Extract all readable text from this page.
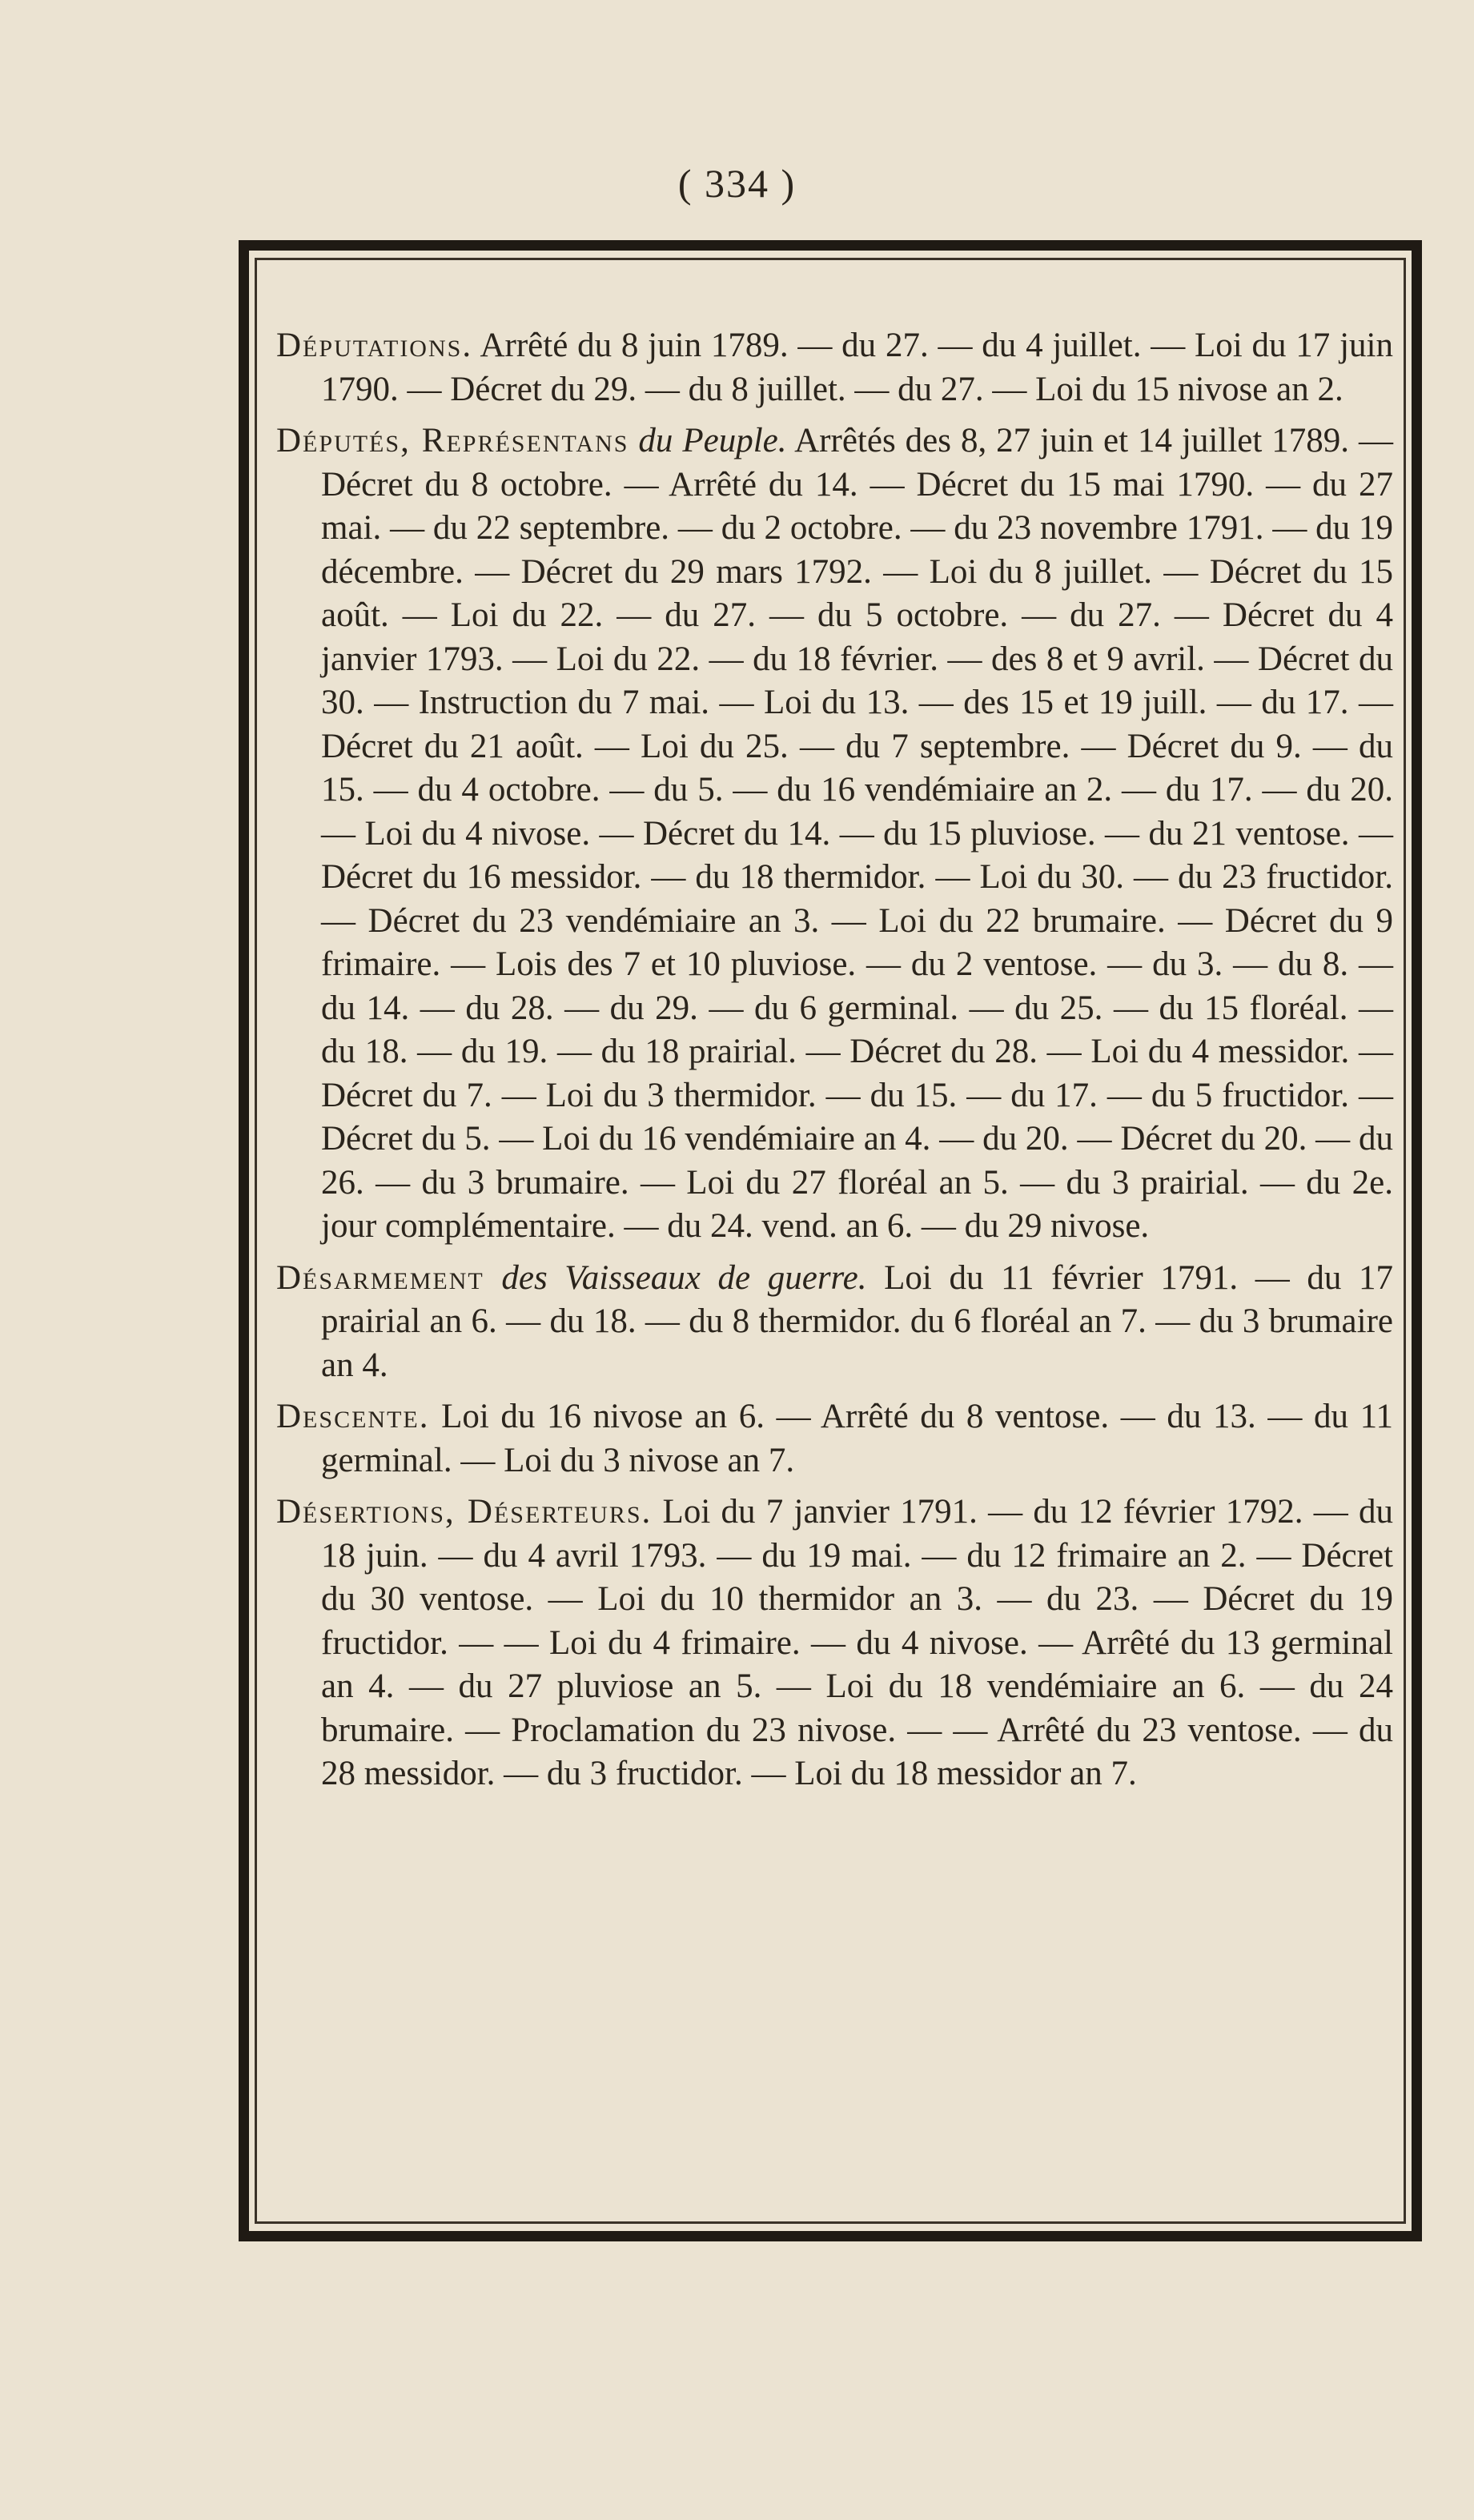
( 334 )

Députations. Arrêté du 8 juin 1789. — du 27. — du 4 juillet. — Loi du 17 juin 1790. — Décret du 29. — du 8 juillet. — du 27. — Loi du 15 nivose an 2.

Députés, Représentans du Peuple. Arrêtés des 8, 27 juin et 14 juillet 1789. — Décret du 8 octobre. — Arrêté du 14. — Décret du 15 mai 1790. — du 27 mai. — du 22 septembre. — du 2 octobre. — du 23 novembre 1791. — du 19 décembre. — Décret du 29 mars 1792. — Loi du 8 juillet. — Décret du 15 août. — Loi du 22. — du 27. — du 5 octobre. — du 27. — Décret du 4 janvier 1793. — Loi du 22. — du 18 février. — des 8 et 9 avril. — Décret du 30. — Instruction du 7 mai. — Loi du 13. — des 15 et 19 juill. — du 17. — Décret du 21 août. — Loi du 25. — du 7 septembre. — Décret du 9. — du 15. — du 4 octobre. — du 5. — du 16 vendémiaire an 2. — du 17. — du 20. — Loi du 4 nivose. — Décret du 14. — du 15 pluviose. — du 21 ventose. — Décret du 16 messidor. — du 18 thermidor. — Loi du 30. — du 23 fructidor. — Décret du 23 vendémiaire an 3. — Loi du 22 brumaire. — Décret du 9 frimaire. — Lois des 7 et 10 pluviose. — du 2 ventose. — du 3. — du 8. — du 14. — du 28. — du 29. — du 6 germinal. — du 25. — du 15 floréal. — du 18. — du 19. — du 18 prairial. — Décret du 28. — Loi du 4 messidor. — Décret du 7. — Loi du 3 thermidor. — du 15. — du 17. — du 5 fructidor. — Décret du 5. — Loi du 16 vendémiaire an 4. — du 20. — Décret du 20. — du 26. — du 3 brumaire. — Loi du 27 floréal an 5. — du 3 prairial. — du 2e. jour complémentaire. — du 24. vend. an 6. — du 29 nivose.

Désarmement des Vaisseaux de guerre. Loi du 11 février 1791. — du 17 prairial an 6. — du 18. — du 8 thermidor. du 6 floréal an 7. — du 3 brumaire an 4.

Descente. Loi du 16 nivose an 6. — Arrêté du 8 ventose. — du 13. — du 11 germinal. — Loi du 3 nivose an 7.

Désertions, Déserteurs. Loi du 7 janvier 1791. — du 12 février 1792. — du 18 juin. — du 4 avril 1793. — du 19 mai. — du 12 frimaire an 2. — Décret du 30 ventose. — Loi du 10 thermidor an 3. — du 23. — Décret du 19 fructidor. — — Loi du 4 frimaire. — du 4 nivose. — Arrêté du 13 germinal an 4. — du 27 pluviose an 5. — Loi du 18 vendémiaire an 6. — du 24 brumaire. — Proclamation du 23 nivose. — — Arrêté du 23 ventose. — du 28 messidor. — du 3 fructidor. — Loi du 18 messidor an 7.
